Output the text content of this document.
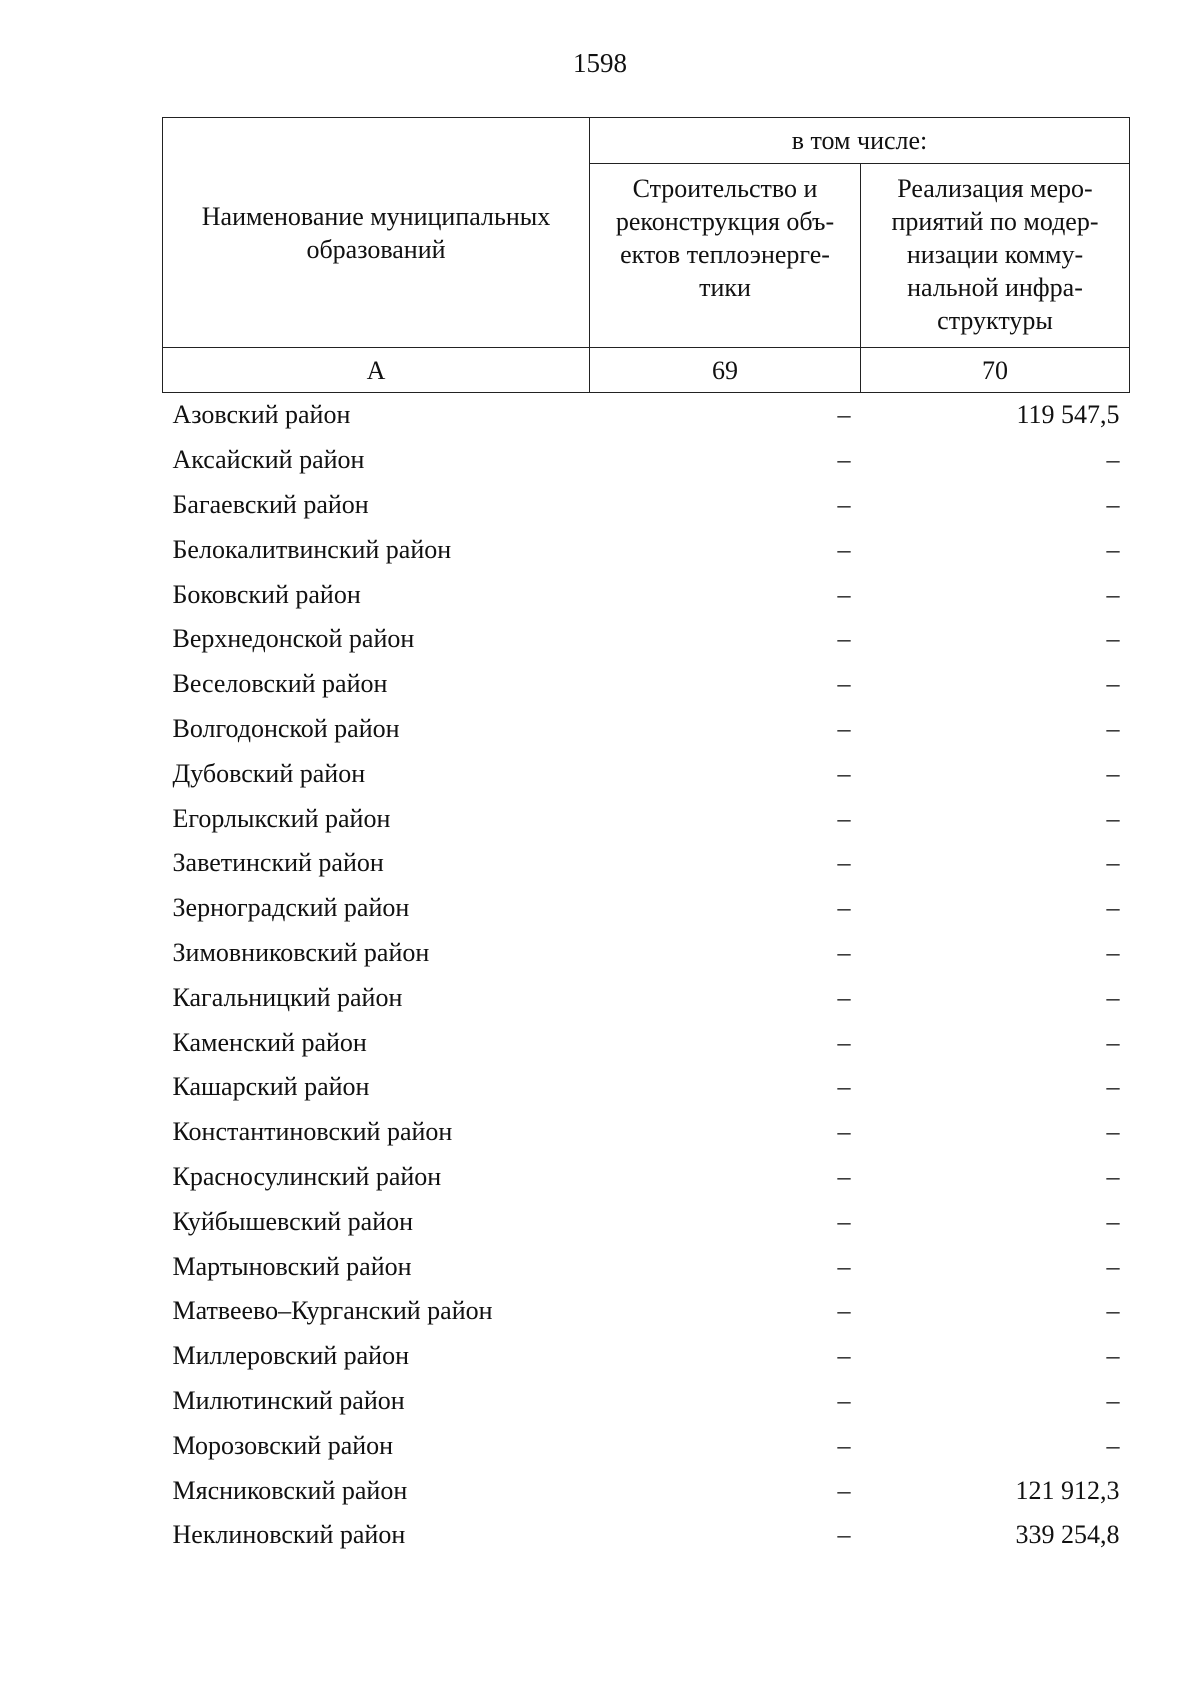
1598
Наименование муниципальных образований	в том числе:	
	Строительство и реконструкция объ-ектов теплоэнерге-тики	Реализация меро-приятий по модер-низации комму-нальной инфра-структуры
А	69	70
Азовский район	–	119 547,5
Аксайский район	–	–
Багаевский район	–	–
Белокалитвинский район	–	–
Боковский район	–	–
Верхнедонской район	–	–
Веселовский район	–	–
Волгодонской район	–	–
Дубовский район	–	–
Егорлыкский район	–	–
Заветинский район	–	–
Зерноградский район	–	–
Зимовниковский район	–	–
Кагальницкий район	–	–
Каменский район	–	–
Кашарский район	–	–
Константиновский район	–	–
Красносулинский район	–	–
Куйбышевский район	–	–
Мартыновский район	–	–
Матвеево–Курганский район	–	–
Миллеровский район	–	–
Милютинский район	–	–
Морозовский район	–	–
Мясниковский район	–	121 912,3
Неклиновский район	–	339 254,8
